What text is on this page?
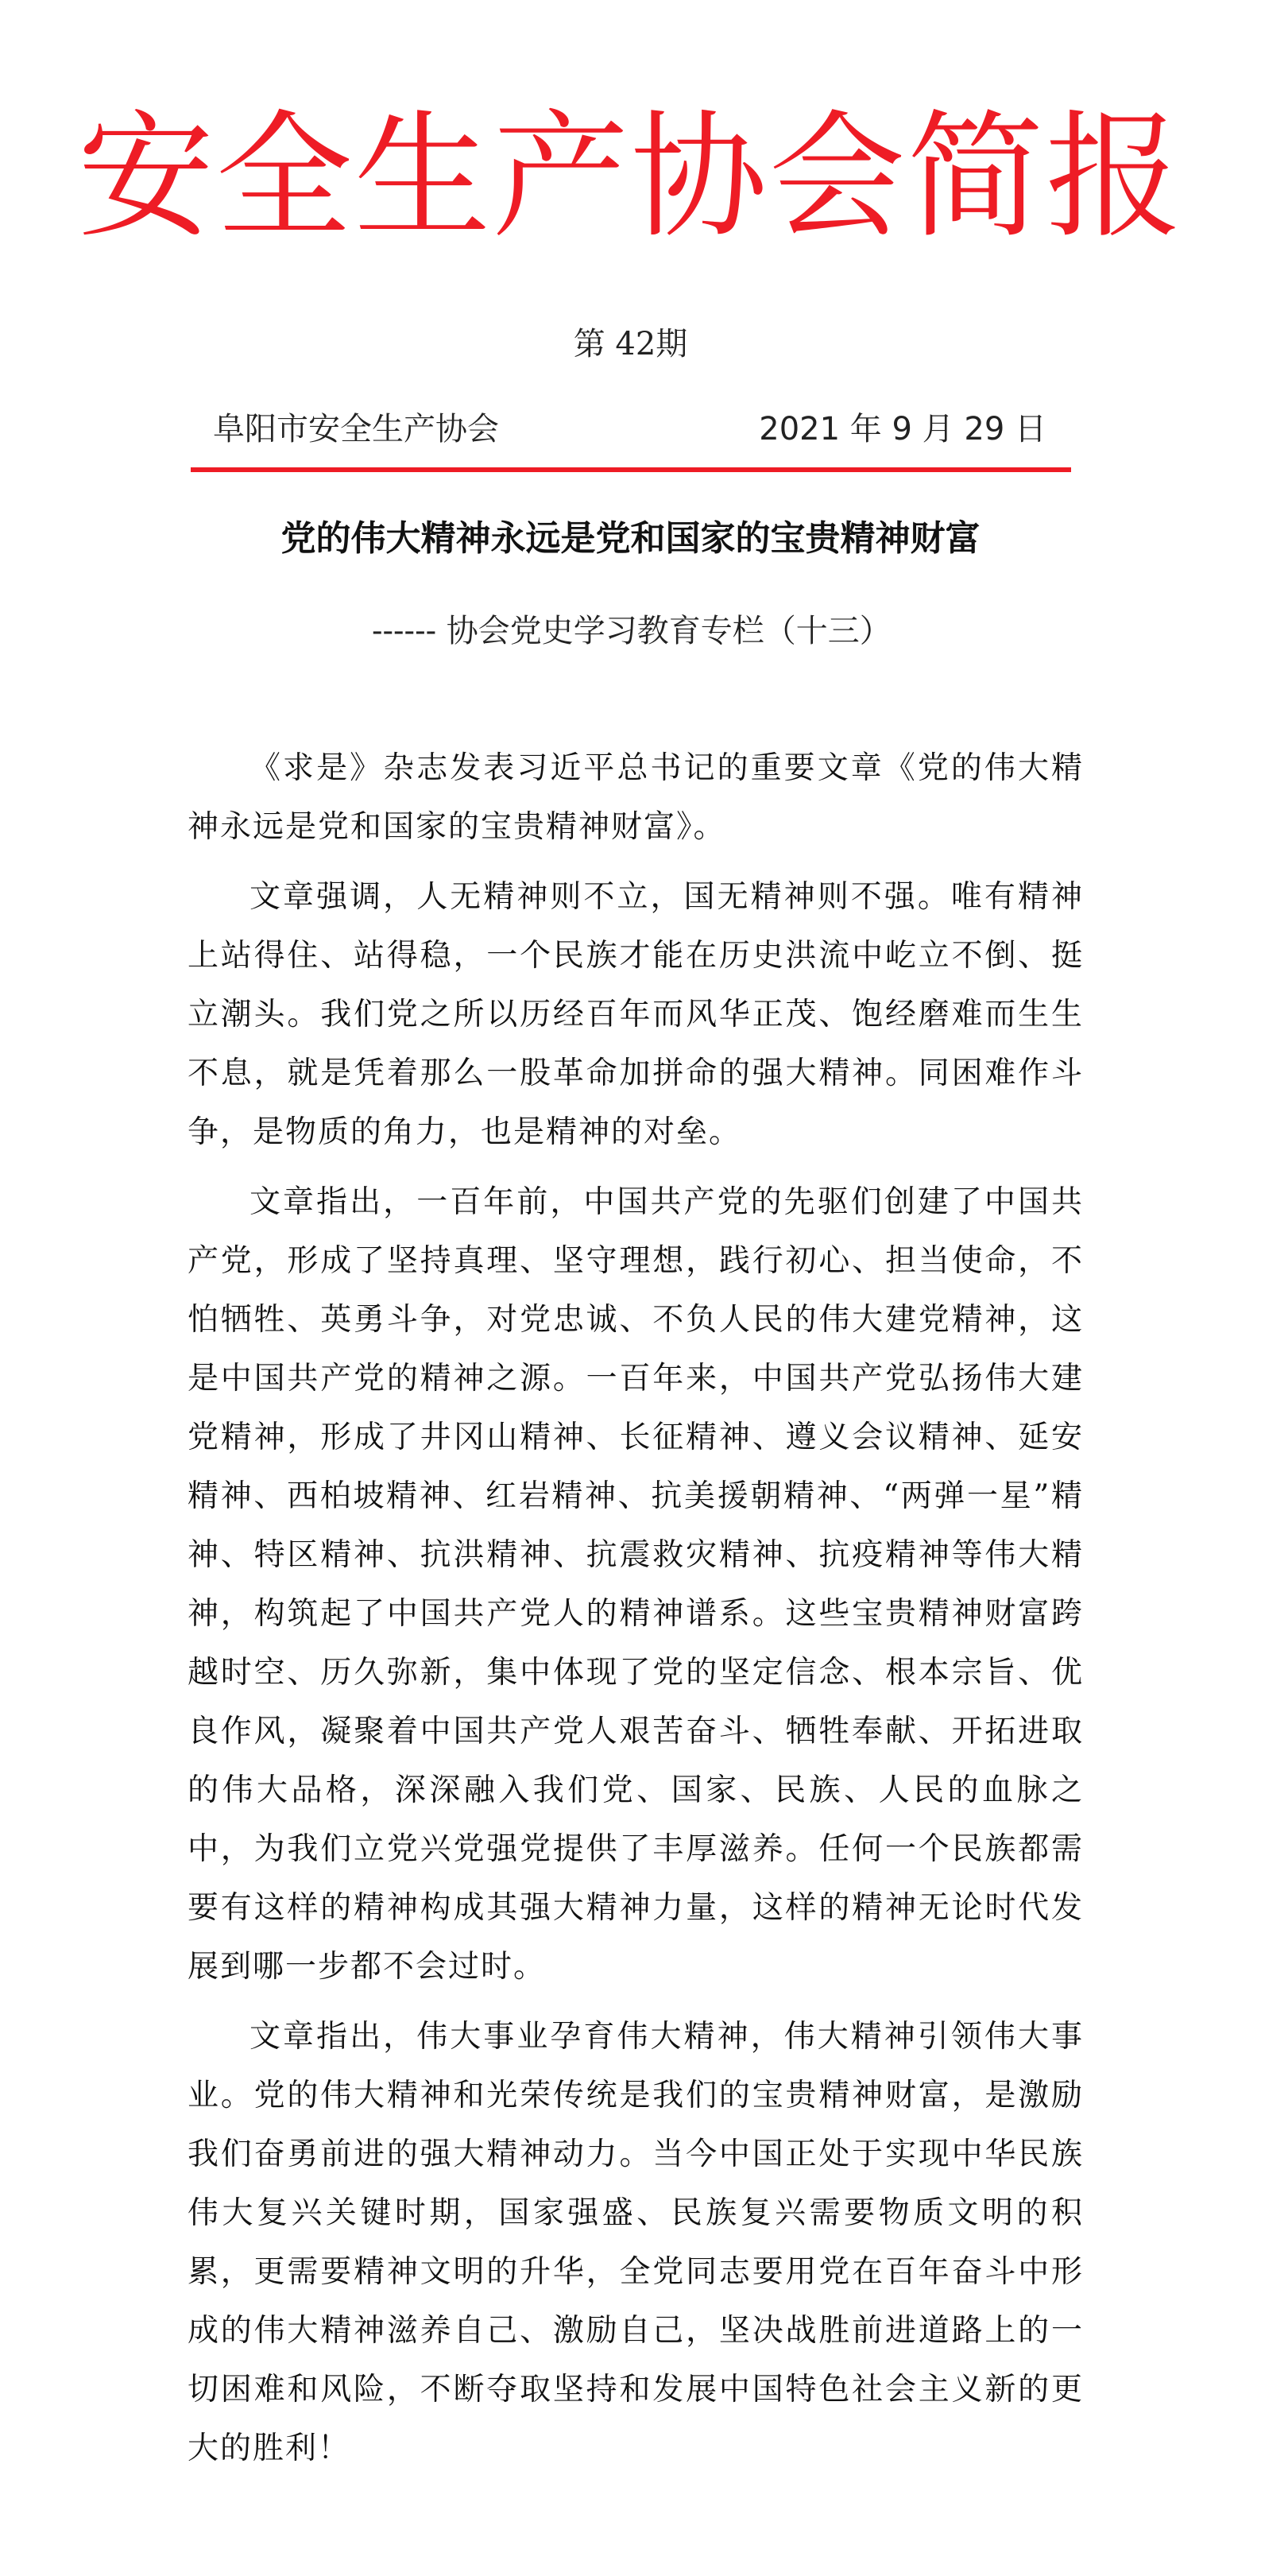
安全生产协会简报
第 42期
阜阳市安全生产协会	2021 年 9 月 29 日
党的伟大精神永远是党和国家的宝贵精神财富
------ 协会党史学习教育专栏（十三）

《求是》杂志发表习近平总书记的重要文章《党的伟大精神永远是党和国家的宝贵精神财富》。

文章强调，人无精神则不立，国无精神则不强。唯有精神上站得住、站得稳，一个民族才能在历史洪流中屹立不倒、挺立潮头。我们党之所以历经百年而风华正茂、饱经磨难而生生不息，就是凭着那么一股革命加拼命的强大精神。同困难作斗争，是物质的角力，也是精神的对垒。

文章指出，一百年前，中国共产党的先驱们创建了中国共产党，形成了坚持真理、坚守理想，践行初心、担当使命，不怕牺牲、英勇斗争，对党忠诚、不负人民的伟大建党精神，这是中国共产党的精神之源。一百年来，中国共产党弘扬伟大建党精神，形成了井冈山精神、长征精神、遵义会议精神、延安精神、西柏坡精神、红岩精神、抗美援朝精神、“两弹一星”精神、特区精神、抗洪精神、抗震救灾精神、抗疫精神等伟大精神，构筑起了中国共产党人的精神谱系。这些宝贵精神财富跨越时空、历久弥新，集中体现了党的坚定信念、根本宗旨、优良作风，凝聚着中国共产党人艰苦奋斗、牺牲奉献、开拓进取的伟大品格，深深融入我们党、国家、民族、人民的血脉之中，为我们立党兴党强党提供了丰厚滋养。任何一个民族都需要有这样的精神构成其强大精神力量，这样的精神无论时代发展到哪一步都不会过时。

文章指出，伟大事业孕育伟大精神，伟大精神引领伟大事业。党的伟大精神和光荣传统是我们的宝贵精神财富，是激励我们奋勇前进的强大精神动力。当今中国正处于实现中华民族伟大复兴关键时期，国家强盛、民族复兴需要物质文明的积累，更需要精神文明的升华，全党同志要用党在百年奋斗中形成的伟大精神滋养自己、激励自己，坚决战胜前进道路上的一切困难和风险，不断夺取坚持和发展中国特色社会主义新的更大的胜利！
